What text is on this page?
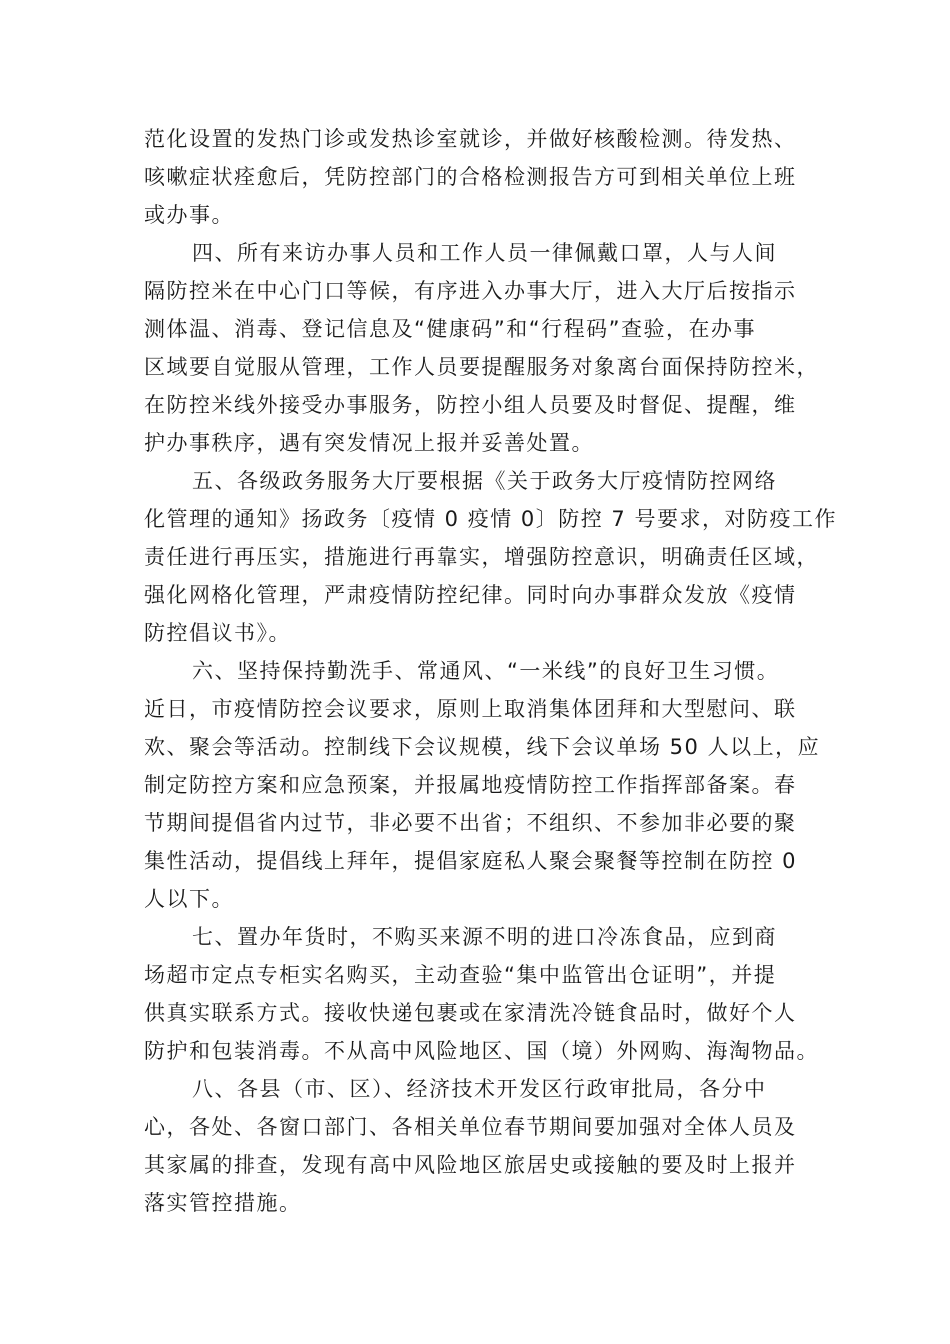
范化设置的发热门诊或发热诊室就诊，并做好核酸检测。待发热、
咳嗽症状痊愈后，凭防控部门的合格检测报告方可到相关单位上班
或办事。

四、所有来访办事人员和工作人员一律佩戴口罩，人与人间
隔防控米在中心门口等候，有序进入办事大厅，进入大厅后按指示
测体温、消毒、登记信息及“健康码”和“行程码”查验，在办事
区域要自觉服从管理，工作人员要提醒服务对象离台面保持防控米，
在防控米线外接受办事服务，防控小组人员要及时督促、提醒，维
护办事秩序，遇有突发情况上报并妥善处置。

五、各级政务服务大厅要根据《关于政务大厅疫情防控网络
化管理的通知》扬政务〔疫情 0 疫情 0〕防控 7 号要求，对防疫工作
责任进行再压实，措施进行再靠实，增强防控意识，明确责任区域，
强化网格化管理，严肃疫情防控纪律。同时向办事群众发放《疫情
防控倡议书》。

六、坚持保持勤洗手、常通风、“一米线”的良好卫生习惯。
近日，市疫情防控会议要求，原则上取消集体团拜和大型慰问、联
欢、聚会等活动。控制线下会议规模，线下会议单场 50 人以上，应
制定防控方案和应急预案，并报属地疫情防控工作指挥部备案。春
节期间提倡省内过节，非必要不出省；不组织、不参加非必要的聚
集性活动，提倡线上拜年，提倡家庭私人聚会聚餐等控制在防控 0
人以下。

七、置办年货时，不购买来源不明的进口冷冻食品，应到商
场超市定点专柜实名购买，主动查验“集中监管出仓证明”，并提
供真实联系方式。接收快递包裹或在家清洗冷链食品时，做好个人
防护和包装消毒。不从高中风险地区、国（境）外网购、海淘物品。

八、各县（市、区）、经济技术开发区行政审批局，各分中
心，各处、各窗口部门、各相关单位春节期间要加强对全体人员及
其家属的排查，发现有高中风险地区旅居史或接触的要及时上报并
落实管控措施。
